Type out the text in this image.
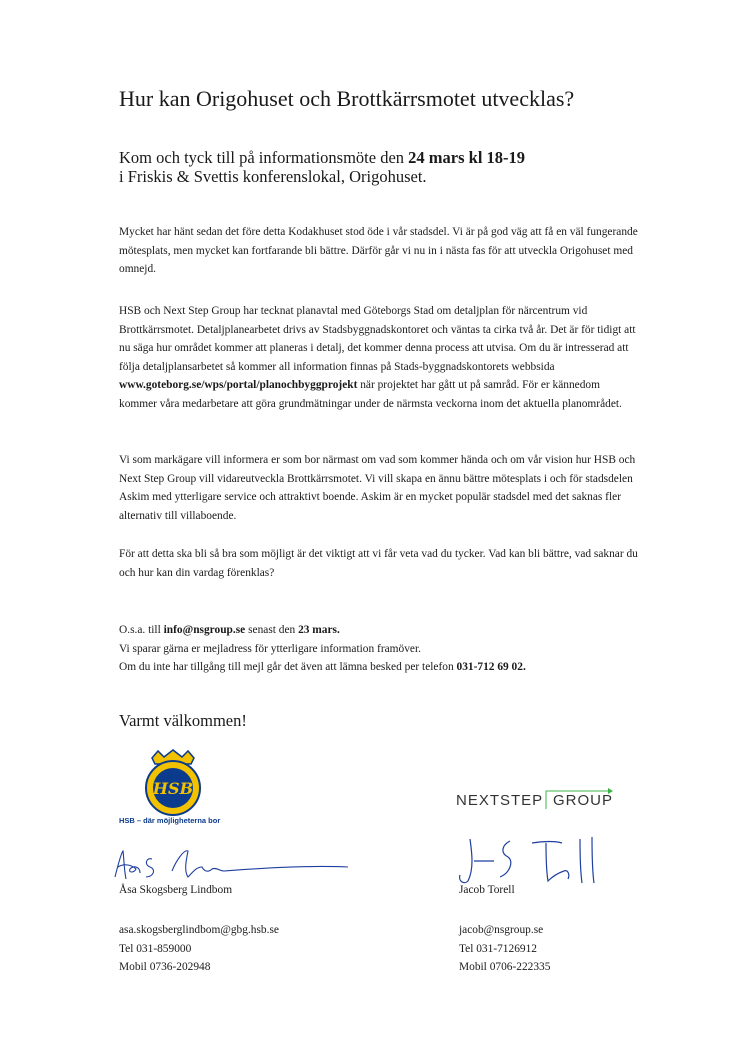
Hur kan Origohuset och Brottkärrsmotet utvecklas?
Kom och tyck till på informationsmöte den 24 mars kl 18-19
i Friskis & Svettis konferenslokal, Origohuset.
Mycket har hänt sedan det före detta Kodakhuset stod öde i vår stadsdel. Vi är på god väg att få en väl fungerande mötesplats, men mycket kan fortfarande bli bättre. Därför går vi nu in i nästa fas för att utveckla Origohuset med omnejd.
HSB och Next Step Group har tecknat planavtal med Göteborgs Stad om detaljplan för närcentrum vid Brottkärrsmotet. Detaljplanearbetet drivs av Stadsbyggnadskontoret och väntas ta cirka två år. Det är för tidigt att nu säga hur området kommer att planeras i detalj, det kommer denna process att utvisa. Om du är intresserad att följa detaljplansarbetet så kommer all information finnas på Stads-byggnadskontorets webbsida www.goteborg.se/wps/portal/planochbyggprojekt när projektet har gått ut på samråd. För er kännedom kommer våra medarbetare att göra grundmätningar under de närmsta veckorna inom det aktuella planområdet.
Vi som markägare vill informera er som bor närmast om vad som kommer hända och om vår vision hur HSB och Next Step Group vill vidareutveckla Brottkärrsmotet. Vi vill skapa en ännu bättre mötesplats i och för stadsdelen Askim med ytterligare service och attraktivt boende. Askim är en mycket populär stadsdel med det saknas fler alternativ till villaboende.
För att detta ska bli så bra som möjligt är det viktigt att vi får veta vad du tycker. Vad kan bli bättre, vad saknar du och hur kan din vardag förenklas?
O.s.a. till info@nsgroup.se senast den 23 mars.
Vi sparar gärna er mejladress för ytterligare information framöver.
Om du inte har tillgång till mejl går det även att lämna besked per telefon 031-712 69 02.
Varmt välkommen!
HSB
HSB – där möjligheterna bor
NEXTSTEP GROUP
Åsa Skogsberg Lindbom	Jacob Torell
asa.skogsberglindbom@gbg.hsb.se
Tel 031-859000
Mobil 0736-202948
jacob@nsgroup.se
Tel 031-7126912
Mobil 0706-222335
